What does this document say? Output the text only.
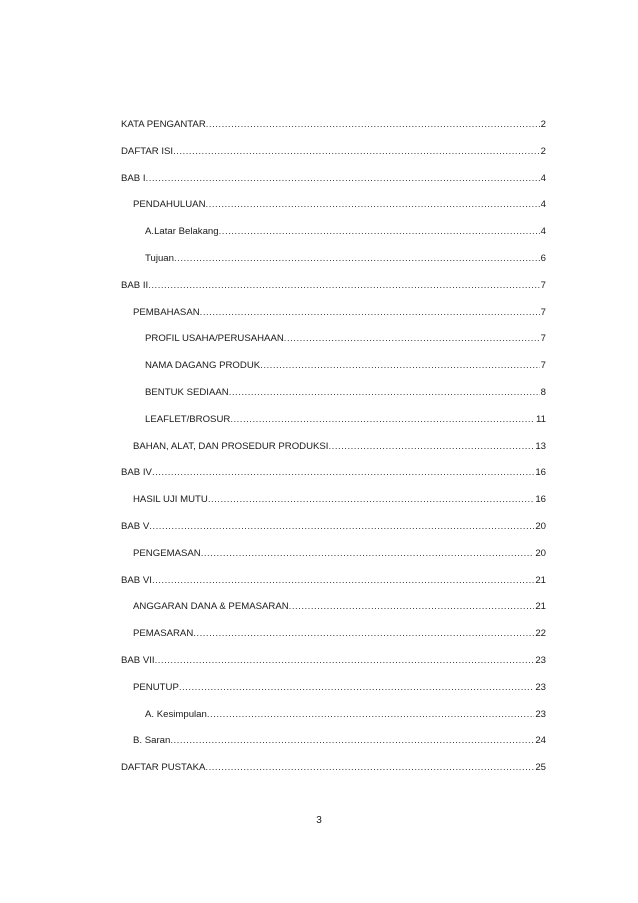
KATA PENGANTAR .....	2
DAFTAR ISI .....	2
BAB I .....	4
PENDAHULUAN .....	4
A.Latar Belakang .....	4
Tujuan .....	6
BAB II .....	7
PEMBAHASAN .....	7
PROFIL USAHA/PERUSAHAAN .....	7
NAMA DAGANG PRODUK .....	7
BENTUK SEDIAAN .....	8
LEAFLET/BROSUR .....	11
BAHAN, ALAT, DAN PROSEDUR PRODUKSI .....	13
BAB IV .....	16
HASIL UJI MUTU .....	16
BAB V .....	20
PENGEMASAN .....	20
BAB VI .....	21
ANGGARAN DANA & PEMASARAN .....	21
PEMASARAN .....	22
BAB VII .....	23
PENUTUP .....	23
A. Kesimpulan .....	23
B. Saran .....	24
DAFTAR PUSTAKA .....	25
3
